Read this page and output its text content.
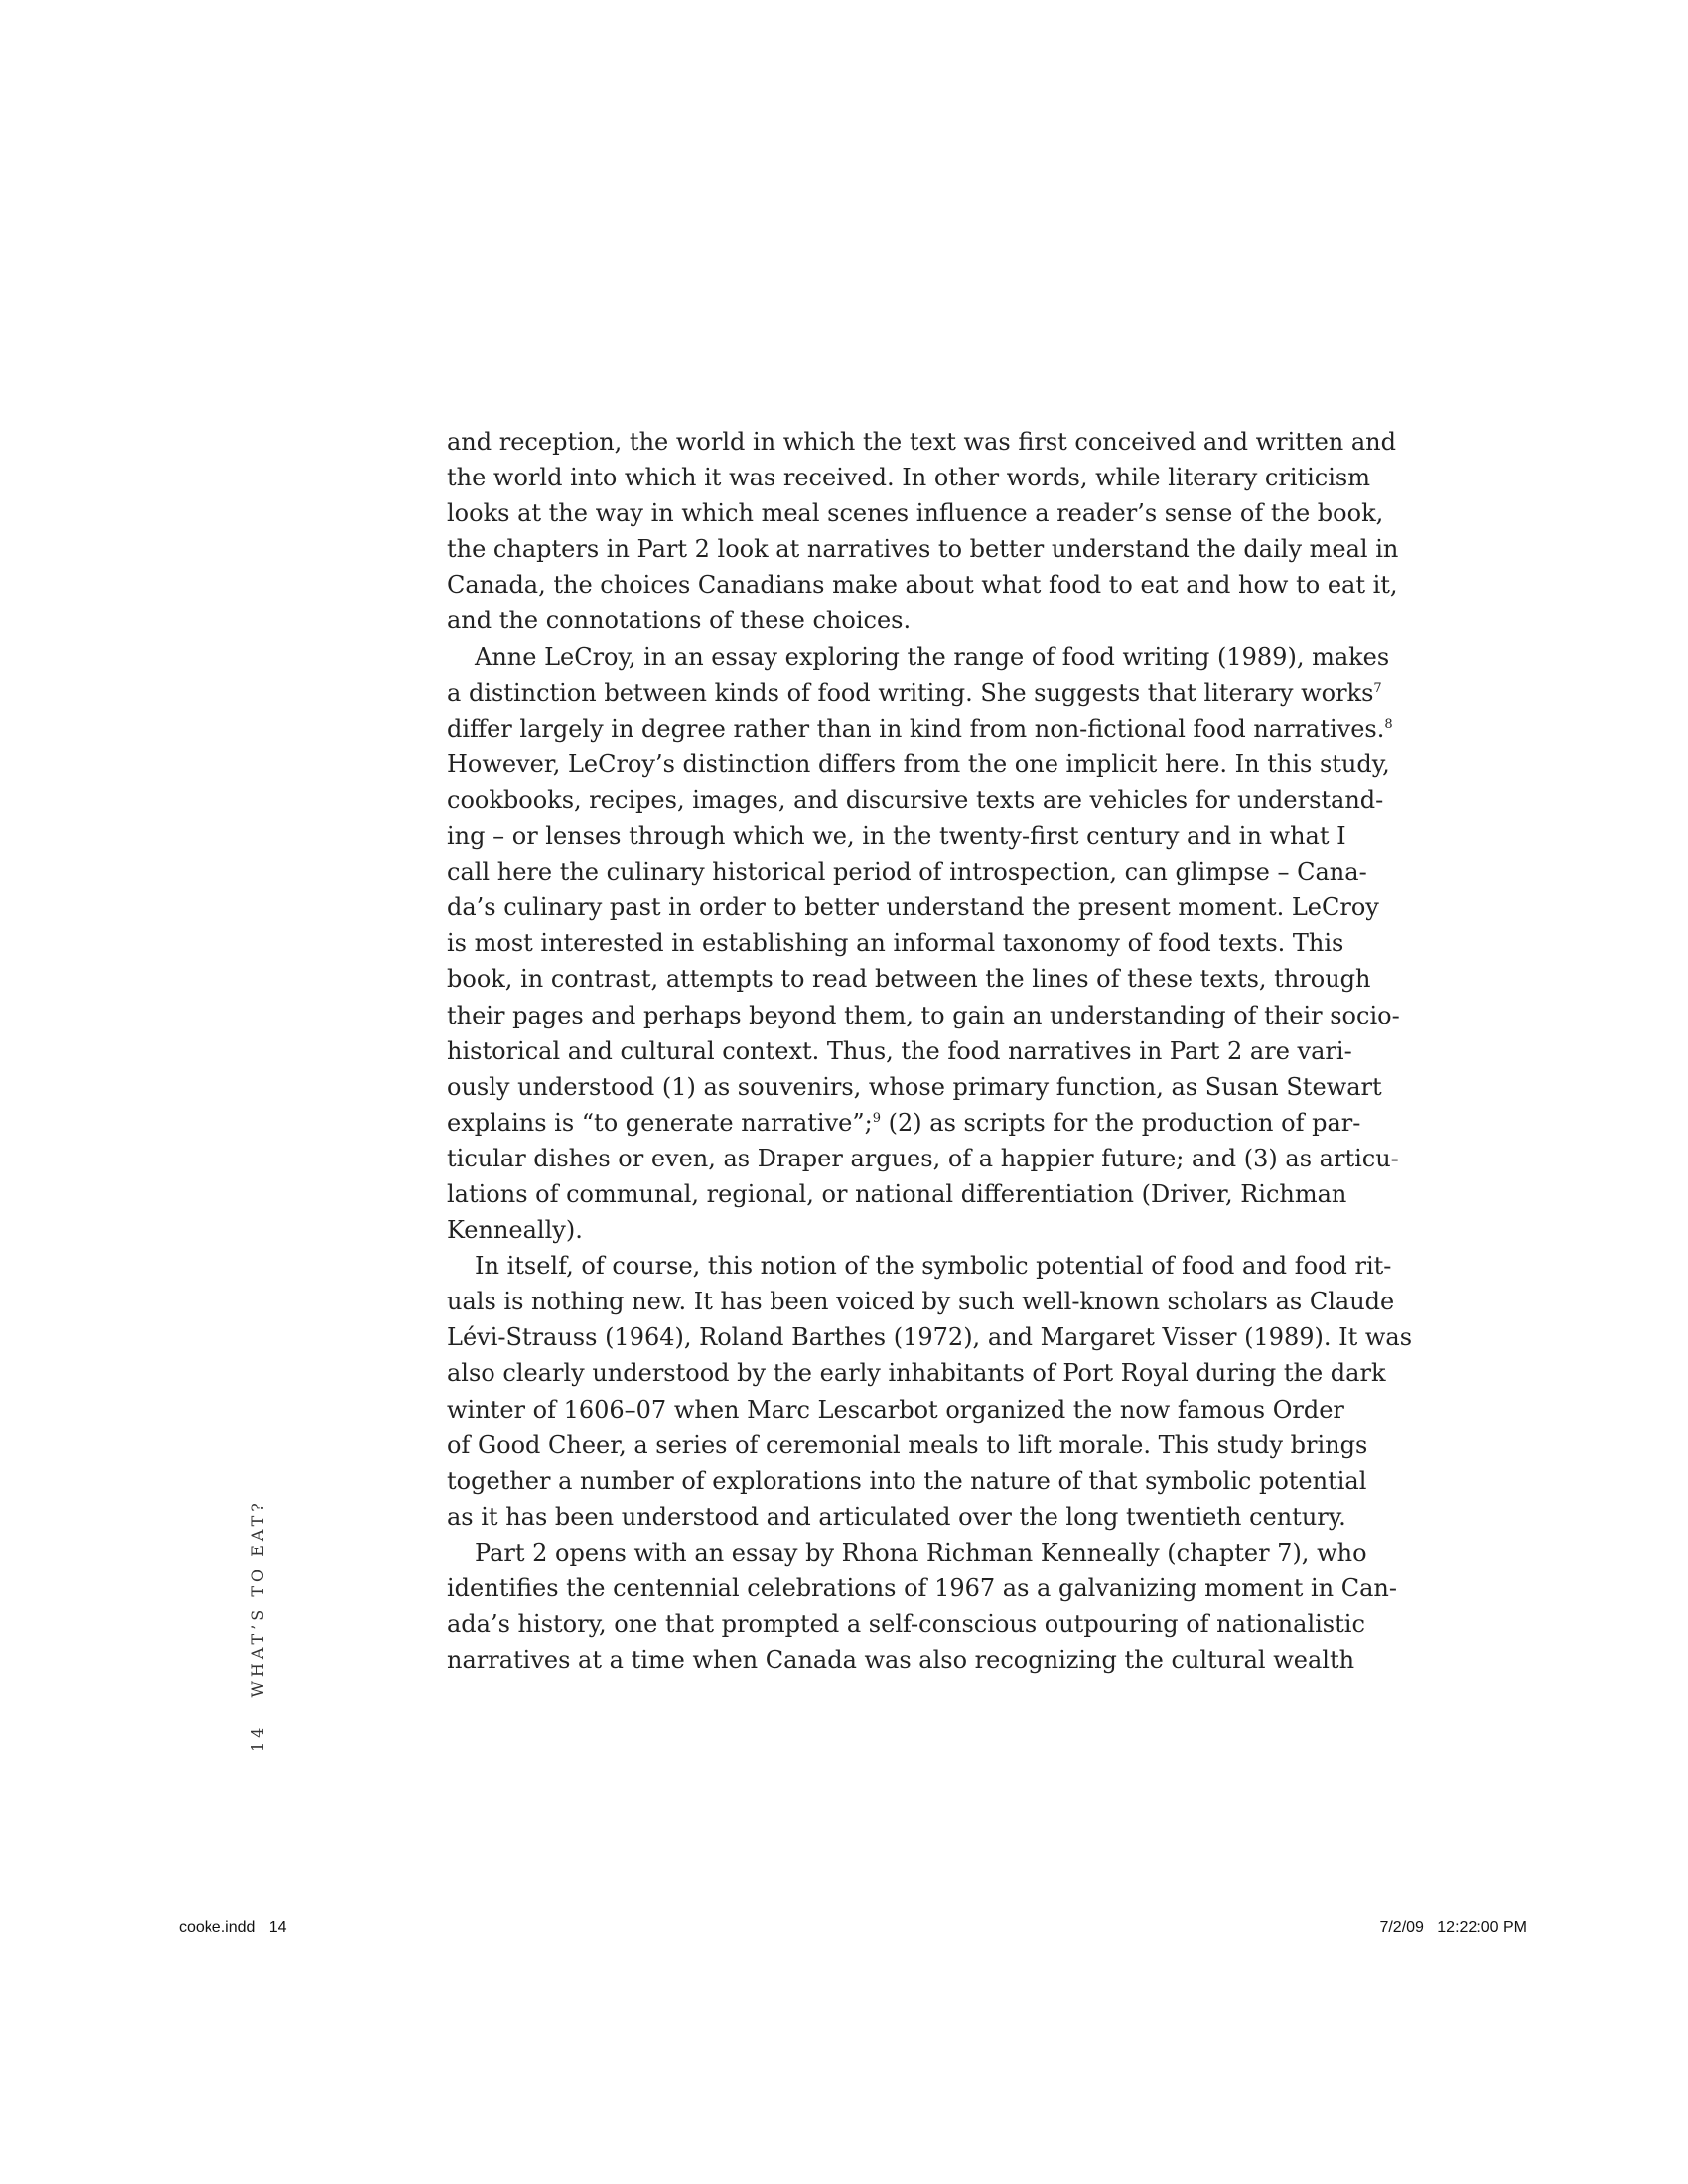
and reception, the world in which the text was first conceived and written and
the world into which it was received. In other words, while literary criticism
looks at the way in which meal scenes influence a reader’s sense of the book,
the chapters in Part 2 look at narratives to better understand the daily meal in
Canada, the choices Canadians make about what food to eat and how to eat it,
and the connotations of these choices.
Anne LeCroy, in an essay exploring the range of food writing (1989), makes
a distinction between kinds of food writing. She suggests that literary works$^7$
differ largely in degree rather than in kind from non-fictional food narratives.$^8$
However, LeCroy’s distinction differs from the one implicit here. In this study,
cookbooks, recipes, images, and discursive texts are vehicles for understand-
ing – or lenses through which we, in the twenty-first century and in what I
call here the culinary historical period of introspection, can glimpse – Cana-
da’s culinary past in order to better understand the present moment. LeCroy
is most interested in establishing an informal taxonomy of food texts. This
book, in contrast, attempts to read between the lines of these texts, through
their pages and perhaps beyond them, to gain an understanding of their socio-
historical and cultural context. Thus, the food narratives in Part 2 are vari-
ously understood (1) as souvenirs, whose primary function, as Susan Stewart
explains is “to generate narrative”;$^9$ (2) as scripts for the production of par-
ticular dishes or even, as Draper argues, of a happier future; and (3) as articu-
lations of communal, regional, or national differentiation (Driver, Richman
Kenneally).
In itself, of course, this notion of the symbolic potential of food and food rit-
uals is nothing new. It has been voiced by such well-known scholars as Claude
Lévi-Strauss (1964), Roland Barthes (1972), and Margaret Visser (1989). It was
also clearly understood by the early inhabitants of Port Royal during the dark
winter of 1606–07 when Marc Lescarbot organized the now famous Order
of Good Cheer, a series of ceremonial meals to lift morale. This study brings
together a number of explorations into the nature of that symbolic potential
as it has been understood and articulated over the long twentieth century.
Part 2 opens with an essay by Rhona Richman Kenneally (chapter 7), who
identifies the centennial celebrations of 1967 as a galvanizing moment in Can-
ada’s history, one that prompted a self-conscious outpouring of nationalistic
narratives at a time when Canada was also recognizing the cultural wealth
14 WHAT’S TO EAT?
cooke.indd   14	7/2/09   12:22:00 PM
